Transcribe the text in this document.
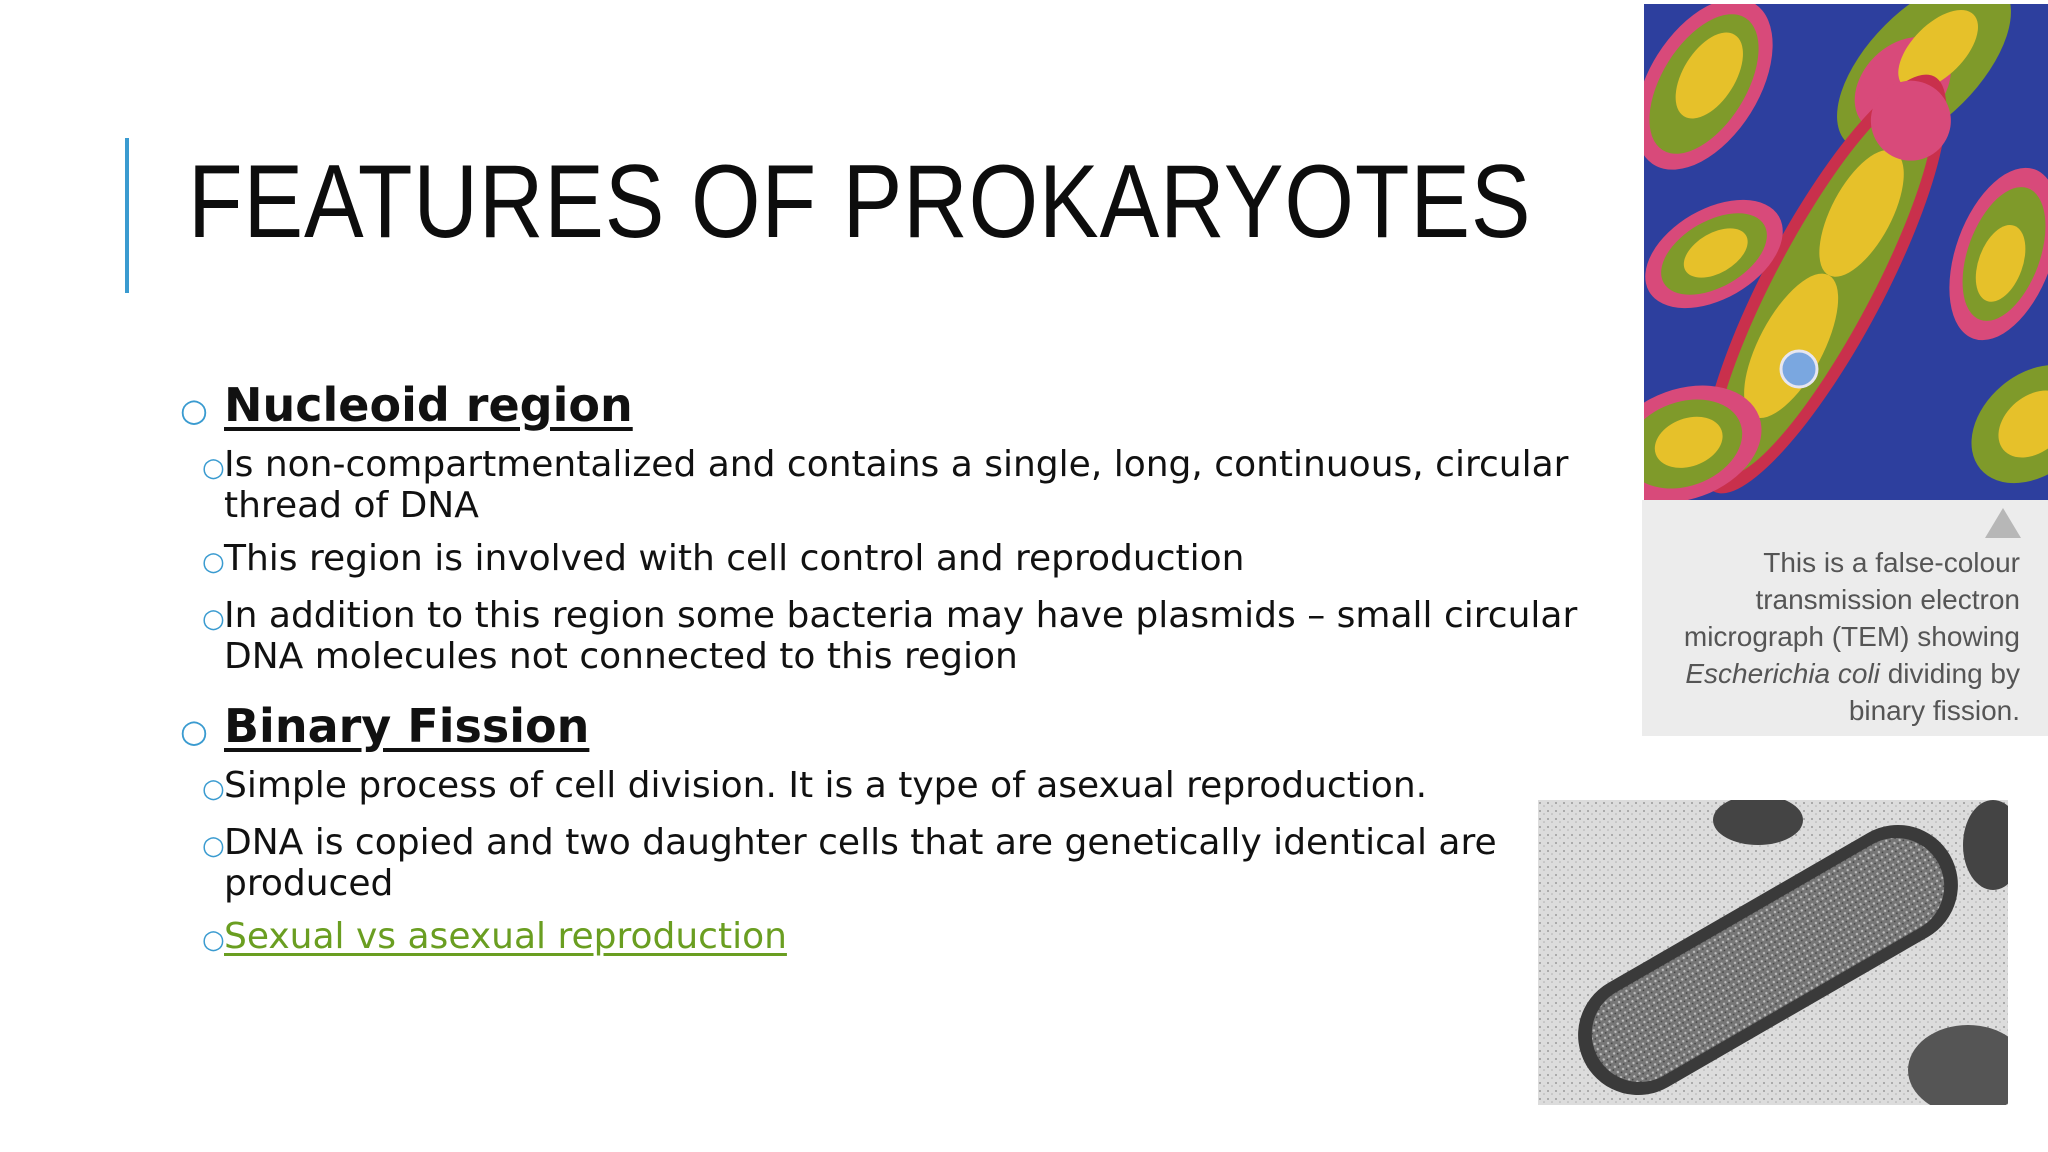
FEATURES OF PROKARYOTES
○ Nucleoid region
○ Is non-compartmentalized and contains a single, long, continuous, circular thread of DNA
○ This region is involved with cell control and reproduction
○ In addition to this region some bacteria may have plasmids – small circular DNA molecules not connected to this region
○ Binary Fission
○ Simple process of cell division. It is a type of asexual reproduction.
○ DNA is copied and two daughter cells that are genetically identical are produced
○ Sexual vs asexual reproduction
This is a false-colour transmission electron micrograph (TEM) showing Escherichia coli dividing by binary fission.
